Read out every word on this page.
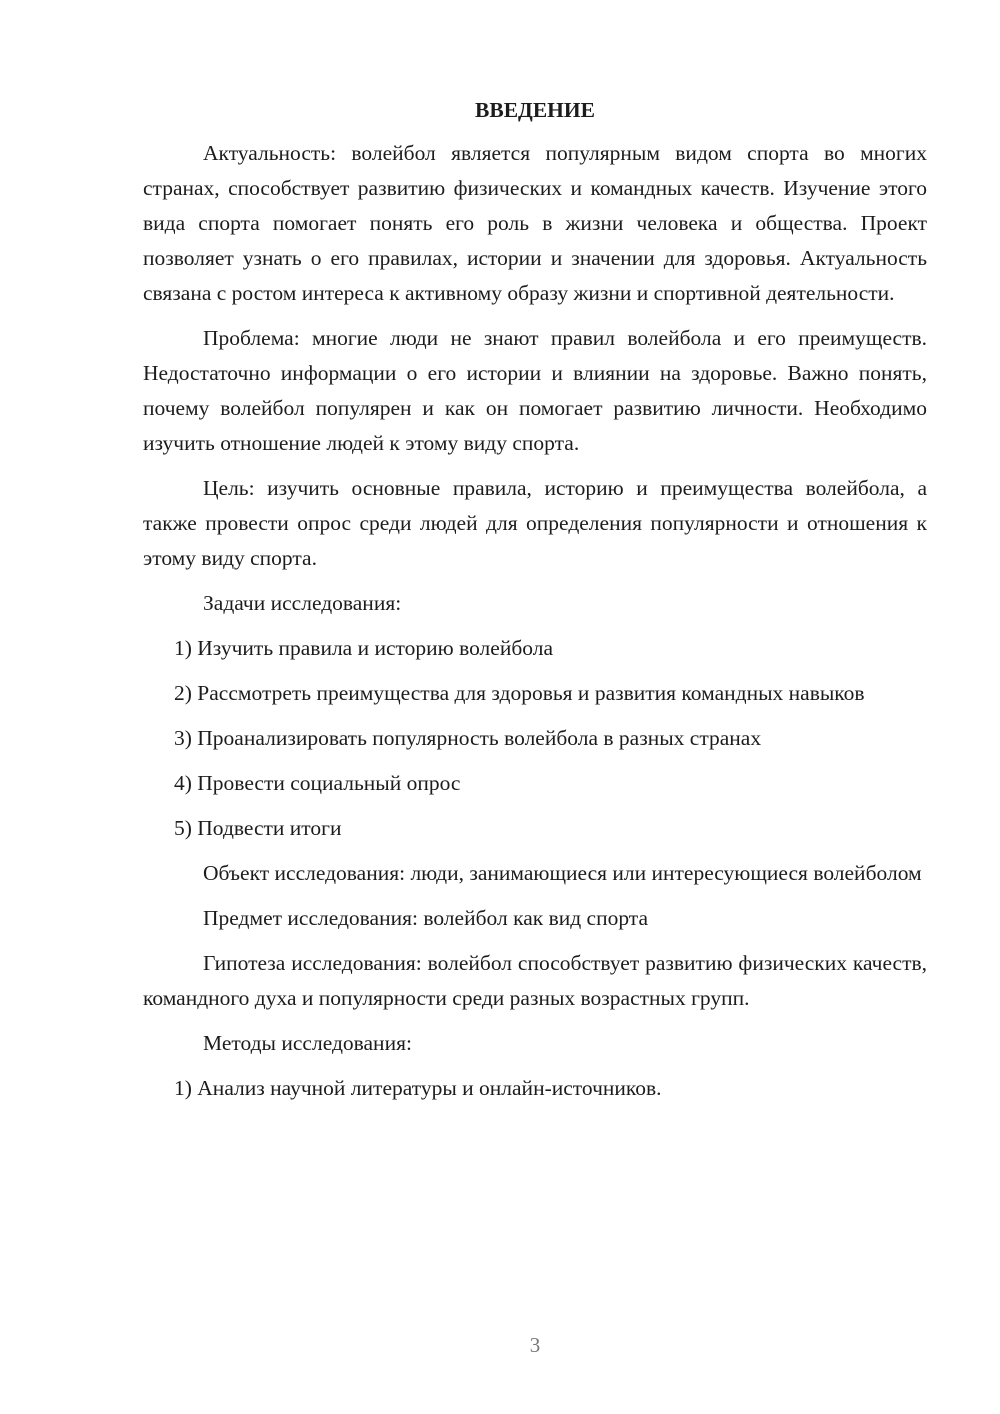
ВВЕДЕНИЕ
Актуальность: волейбол является популярным видом спорта во многих странах, способствует развитию физических и командных качеств. Изучение этого вида спорта помогает понять его роль в жизни человека и общества. Проект позволяет узнать о его правилах, истории и значении для здоровья. Актуальность связана с ростом интереса к активному образу жизни и спортивной деятельности.
Проблема: многие люди не знают правил волейбола и его преимуществ. Недостаточно информации о его истории и влиянии на здоровье. Важно понять, почему волейбол популярен и как он помогает развитию личности. Необходимо изучить отношение людей к этому виду спорта.
Цель: изучить основные правила, историю и преимущества волейбола, а также провести опрос среди людей для определения популярности и отношения к этому виду спорта.
Задачи исследования:
1) Изучить правила и историю волейбола
2) Рассмотреть преимущества для здоровья и развития командных навыков
3) Проанализировать популярность волейбола в разных странах
4) Провести социальный опрос
5) Подвести итоги
Объект исследования: люди, занимающиеся или интересующиеся волейболом
Предмет исследования: волейбол как вид спорта
Гипотеза исследования: волейбол способствует развитию физических качеств, командного духа и популярности среди разных возрастных групп.
Методы исследования:
1) Анализ научной литературы и онлайн-источников.
3
